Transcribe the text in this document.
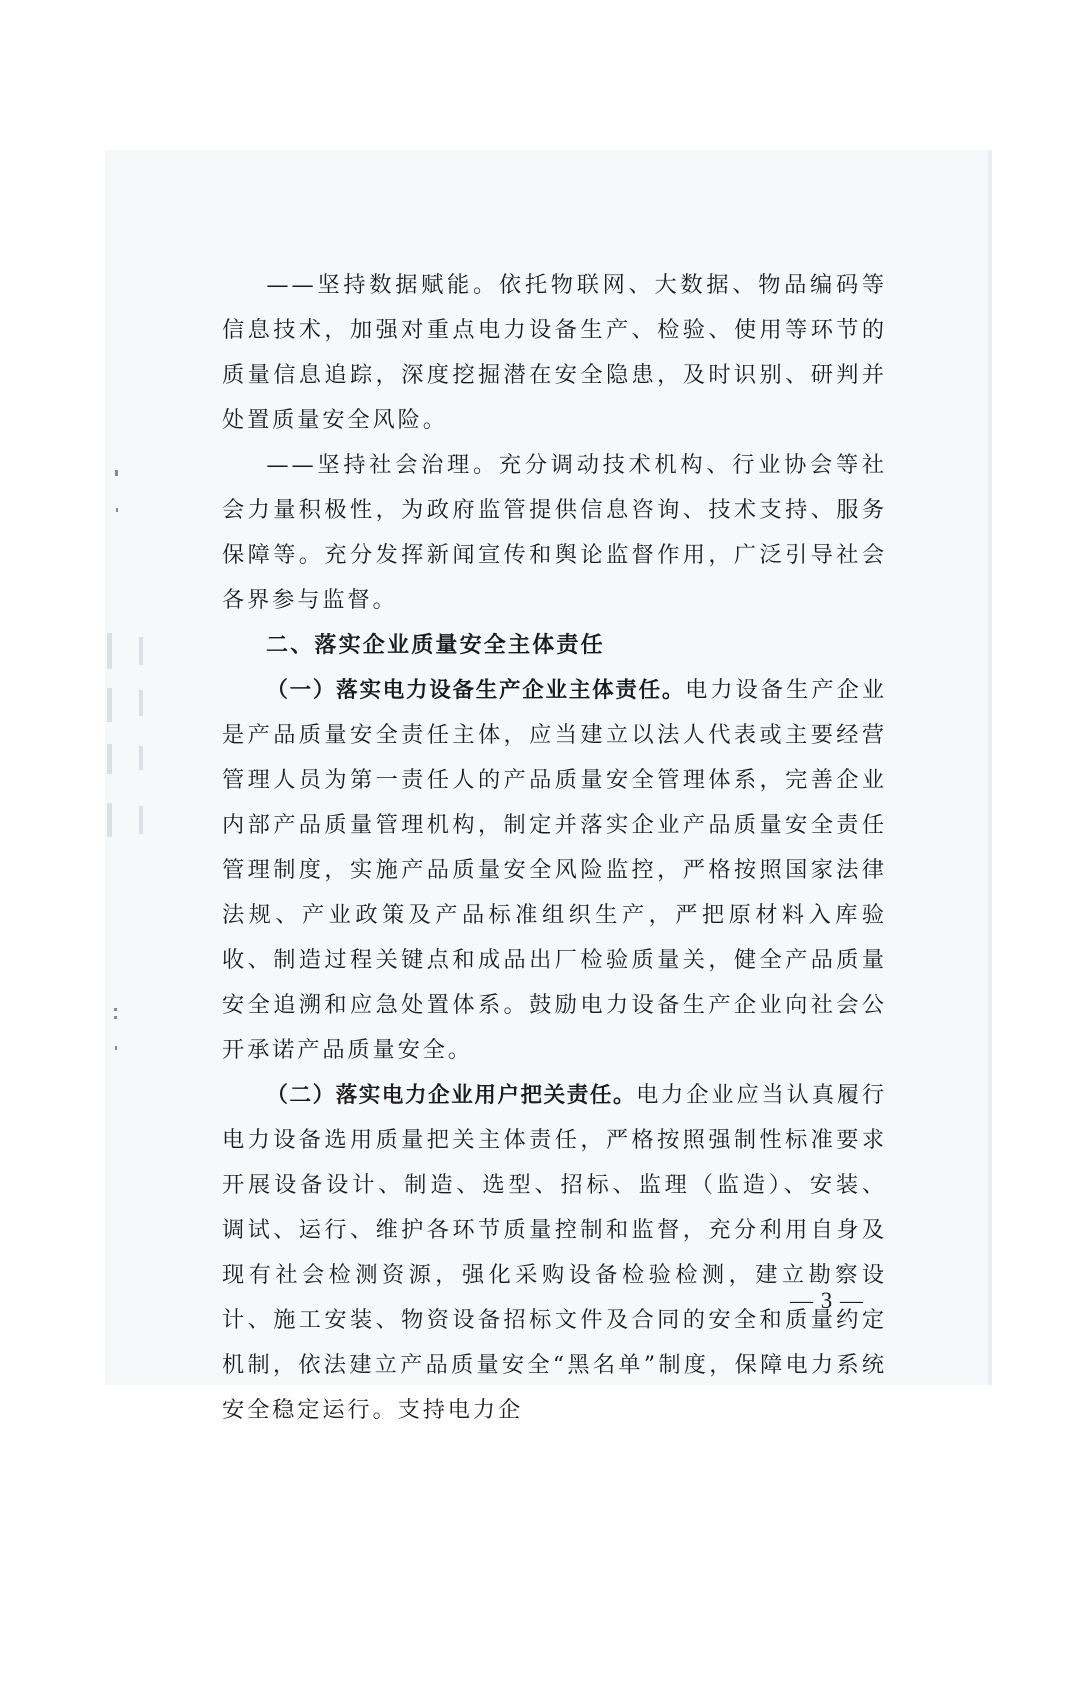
——坚持数据赋能。依托物联网、大数据、物品编码等信息技术，加强对重点电力设备生产、检验、使用等环节的质量信息追踪，深度挖掘潜在安全隐患，及时识别、研判并处置质量安全风险。

——坚持社会治理。充分调动技术机构、行业协会等社会力量积极性，为政府监管提供信息咨询、技术支持、服务保障等。充分发挥新闻宣传和舆论监督作用，广泛引导社会各界参与监督。

二、落实企业质量安全主体责任

（一）落实电力设备生产企业主体责任。电力设备生产企业是产品质量安全责任主体，应当建立以法人代表或主要经营管理人员为第一责任人的产品质量安全管理体系，完善企业内部产品质量管理机构，制定并落实企业产品质量安全责任管理制度，实施产品质量安全风险监控，严格按照国家法律法规、产业政策及产品标准组织生产，严把原材料入库验收、制造过程关键点和成品出厂检验质量关，健全产品质量安全追溯和应急处置体系。鼓励电力设备生产企业向社会公开承诺产品质量安全。

（二）落实电力企业用户把关责任。电力企业应当认真履行电力设备选用质量把关主体责任，严格按照强制性标准要求开展设备设计、制造、选型、招标、监理（监造）、安装、调试、运行、维护各环节质量控制和监督，充分利用自身及现有社会检测资源，强化采购设备检验检测，建立勘察设计、施工安装、物资设备招标文件及合同的安全和质量约定机制，依法建立产品质量安全“黑名单”制度，保障电力系统安全稳定运行。支持电力企

— 3 —
